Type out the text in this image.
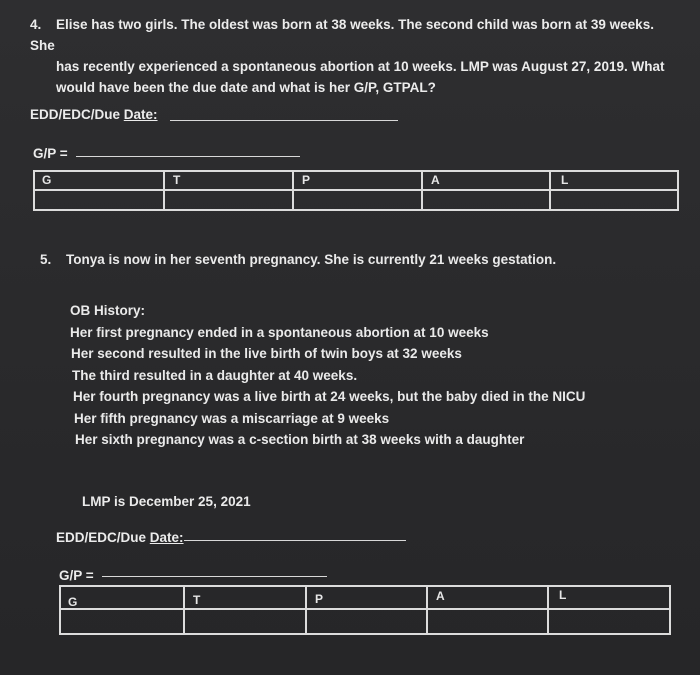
4. Elise has two girls. The oldest was born at 38 weeks. The second child was born at 39 weeks. She
has recently experienced a spontaneous abortion at 10 weeks. LMP was August 27, 2019. What
would have been the due date and what is her G/P, GTPAL?
EDD/EDC/Due Date:
G/P =
G	T	P	A	L
5. Tonya is now in her seventh pregnancy. She is currently 21 weeks gestation.
OB History:
Her first pregnancy ended in a spontaneous abortion at 10 weeks
Her second resulted in the live birth of twin boys at 32 weeks
The third resulted in a daughter at 40 weeks.
Her fourth pregnancy was a live birth at 24 weeks, but the baby died in the NICU
Her fifth pregnancy was a miscarriage at 9 weeks
Her sixth pregnancy was a c-section birth at 38 weeks with a daughter
LMP is December 25, 2021
EDD/EDC/Due Date:
G/P =
G	T	P	A	L
